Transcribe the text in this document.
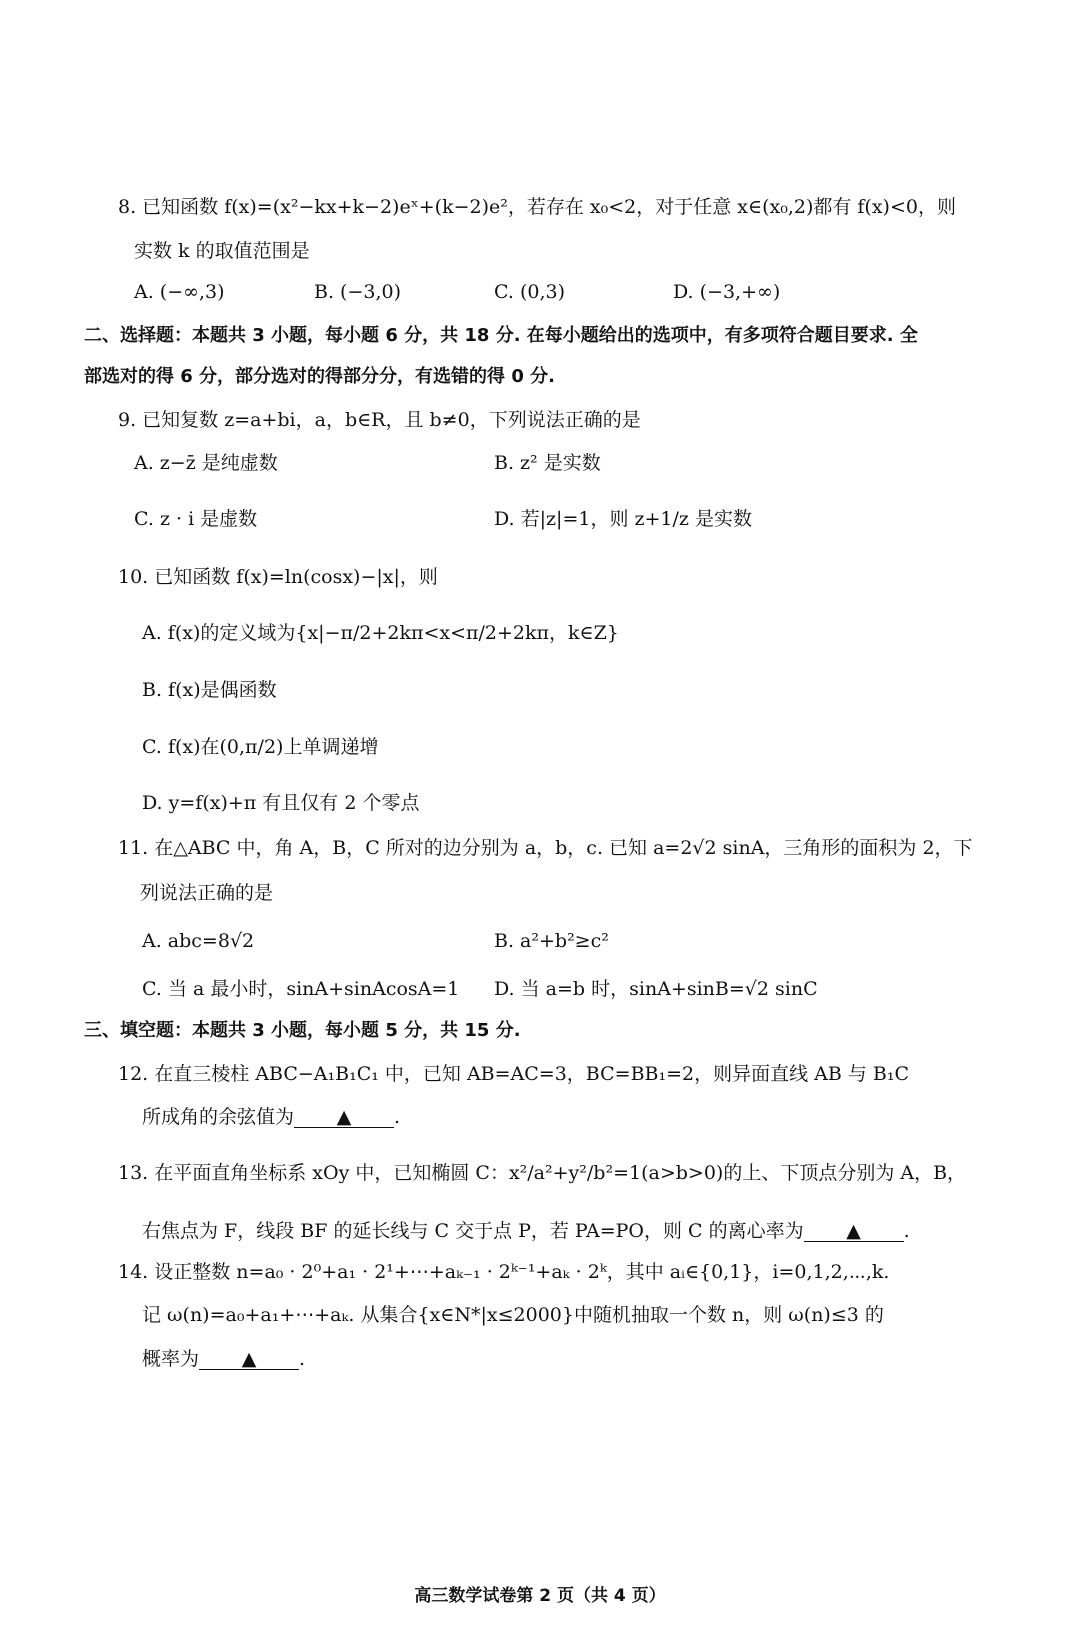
8. 已知函数 f(x)=(x²−kx+k−2)eˣ+(k−2)e²，若存在 x₀<2，对于任意 x∈(x₀,2)都有 f(x)<0，则
实数 k 的取值范围是
A. (−∞,3)	B. (−3,0)	C. (0,3)	D. (−3,+∞)
二、选择题：本题共 3 小题，每小题 6 分，共 18 分. 在每小题给出的选项中，有多项符合题目要求. 全
部选对的得 6 分，部分选对的得部分分，有选错的得 0 分.
9. 已知复数 z=a+bi，a，b∈R，且 b≠0，下列说法正确的是
A. z−z̄ 是纯虚数	B. z² 是实数
C. z · i 是虚数	D. 若|z|=1，则 z+1/z 是实数
10. 已知函数 f(x)=ln(cosx)−|x|，则
A. f(x)的定义域为{x|−π/2+2kπ<x<π/2+2kπ，k∈Z}
B. f(x)是偶函数
C. f(x)在(0,π/2)上单调递增
D. y=f(x)+π 有且仅有 2 个零点
11. 在△ABC 中，角 A，B，C 所对的边分别为 a，b，c. 已知 a=2√2 sinA，三角形的面积为 2，下
列说法正确的是
A. abc=8√2	B. a²+b²≥c²
C. 当 a 最小时，sinA+sinAcosA=1 D. 当 a=b 时，sinA+sinB=√2 sinC
三、填空题：本题共 3 小题，每小题 5 分，共 15 分.
12. 在直三棱柱 ABC−A₁B₁C₁ 中，已知 AB=AC=3，BC=BB₁=2，则异面直线 AB 与 B₁C
所成角的余弦值为 ▲ .
13. 在平面直角坐标系 xOy 中，已知椭圆 C：x²/a²+y²/b²=1(a>b>0)的上、下顶点分别为 A，B，
右焦点为 F，线段 BF 的延长线与 C 交于点 P，若 PA=PO，则 C 的离心率为 ▲ .
14. 设正整数 n=a₀ · 2⁰+a₁ · 2¹+⋯+aₖ₋₁ · 2ᵏ⁻¹+aₖ · 2ᵏ，其中 aᵢ∈{0,1}，i=0,1,2,⋯,k.
记 ω(n)=a₀+a₁+⋯+aₖ. 从集合{x∈N*|x≤2000}中随机抽取一个数 n，则 ω(n)≤3 的
概率为 ▲ .
高三数学试卷第 2 页（共 4 页）
